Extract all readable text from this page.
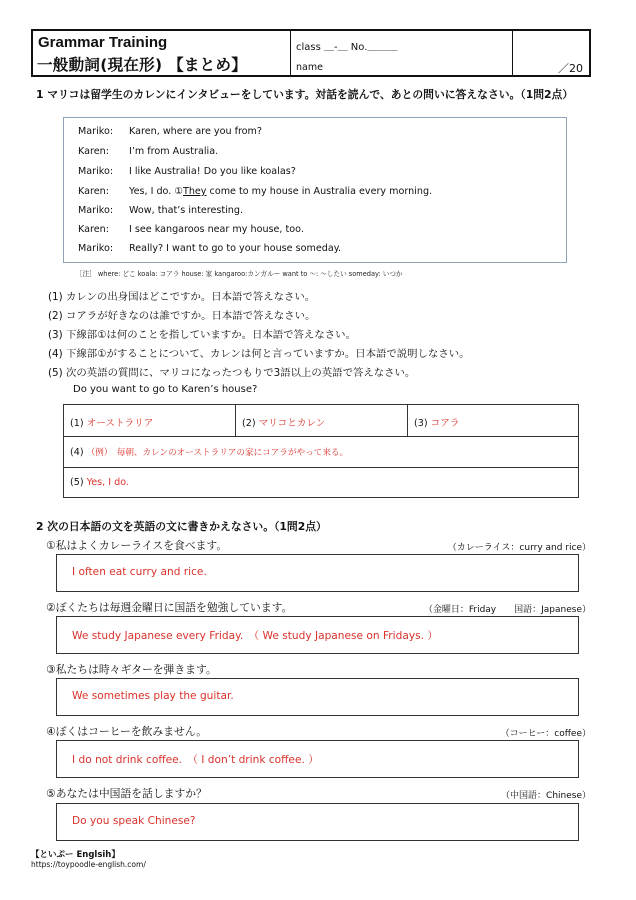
Grammar Training
一般動詞(現在形) 【まとめ】
class ＿-＿ No.＿＿＿
name	／20
1 マリコは留学生のカレンにインタビューをしています。対話を読んで、あとの問いに答えなさい。（1問2点）
Mariko: Karen, where are you from?
Karen: I’m from Australia.
Mariko: I like Australia! Do you like koalas?
Karen: Yes, I do. ①They come to my house in Australia every morning.
Mariko: Wow, that’s interesting.
Karen: I see kangaroos near my house, too.
Mariko: Really? I want to go to your house someday.
［注］ where: どこ koala: コアラ house: 家 kangaroo:カンガルー want to ～: ～したい someday: いつか
(1) カレンの出身国はどこですか。日本語で答えなさい。
(2) コアラが好きなのは誰ですか。日本語で答えなさい。
(3) 下線部①は何のことを指していますか。日本語で答えなさい。
(4) 下線部①がすることについて、カレンは何と言っていますか。日本語で説明しなさい。
(5) 次の英語の質問に、マリコになったつもりで3語以上の英語で答えなさい。
Do you want to go to Karen’s house?
(1) オーストラリア	(2) マリコとカレン	(3) コアラ
(4) （例）　毎朝、カレンのオーストラリアの家にコアラがやって来る。
(5) Yes, I do.
2 次の日本語の文を英語の文に書きかえなさい。（1問2点）
①私はよくカレーライスを食べます。	（カレーライス：curry and rice）
I often eat curry and rice.
②ぼくたちは毎週金曜日に国語を勉強しています。	（金曜日：Friday　　国語：Japanese）
We study Japanese every Friday.　（ We study Japanese on Fridays. ）
③私たちは時々ギターを弾きます。
We sometimes play the guitar.
④ぼくはコーヒーを飲みません。	（コーヒー：coffee）
I do not drink coffee.　（ I don’t drink coffee. ）
⑤あなたは中国語を話しますか？	（中国語：Chinese）
Do you speak Chinese?
【といぷー Englsih】
https://toypoodle-english.com/
